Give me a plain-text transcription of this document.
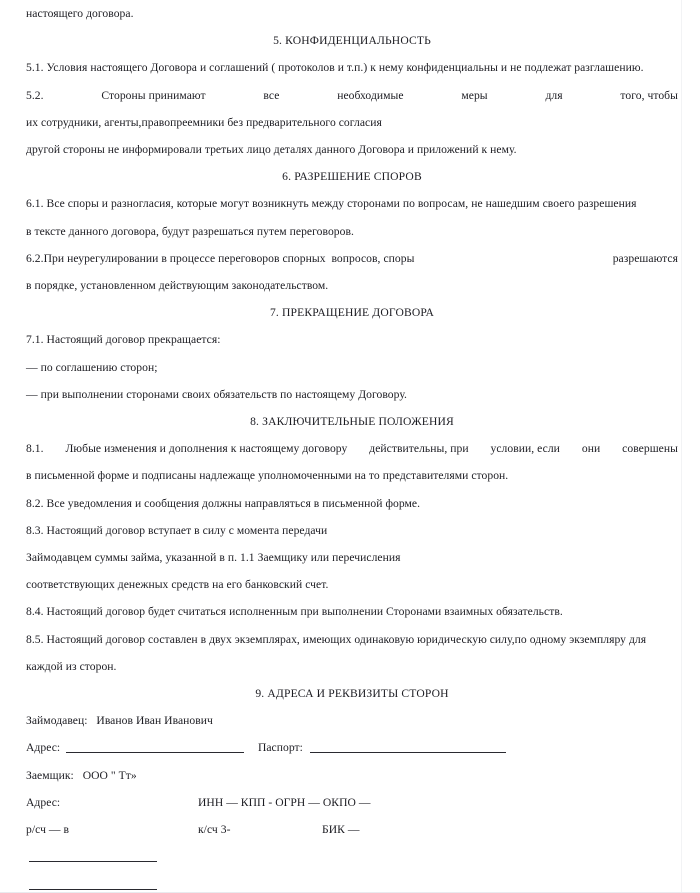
настоящего договора.
5. КОНФИДЕНЦИАЛЬНОСТЬ
5.1. Условия настоящего Договора и соглашений ( протоколов и т.п.) к нему конфиденциальны и не подлежат разглашению.
5.2.	Стороны принимают	все	необходимые	меры	для	того, чтобы
их сотрудники, агенты,правопреемники без предварительного согласия
другой стороны не информировали третьих лицо деталях данного Договора и приложений к нему.
6. РАЗРЕШЕНИЕ СПОРОВ
6.1. Все споры и разногласия, которые могут возникнуть между сторонами по вопросам, не нашедшим своего разрешения
в тексте данного договора, будут разрешаться путем переговоров.
6.2.При неурегулировании в процессе переговоров спорных  вопросов, споры	разрешаются
в порядке, установленном действующим законодательством.
7. ПРЕКРАЩЕНИЕ ДОГОВОРА
7.1. Настоящий договор прекращается:
— по соглашению сторон;
— при выполнении сторонами своих обязательств по настоящему Договору.
8. ЗАКЛЮЧИТЕЛЬНЫЕ ПОЛОЖЕНИЯ
8.1. Любые изменения и дополнения к настоящему договору действительны, при условии, если они совершены
в письменной форме и подписаны надлежаще уполномоченными на то представителями сторон.
8.2. Все уведомления и сообщения должны направляться в письменной форме.
8.3. Настоящий договор вступает в силу с момента передачи
Займодавцем суммы займа, указанной в п. 1.1 Заемщику или перечисления
соответствующих денежных средств на его банковский счет.
8.4. Настоящий договор будет считаться исполненным при выполнении Сторонами взаимных обязательств.
8.5. Настоящий договор составлен в двух экземплярах, имеющих одинаковую юридическую силу,по одному экземпляру для
каждой из сторон.
9. АДРЕСА И РЕКВИЗИТЫ СТОРОН
Займодавец: Иванов Иван Иванович
Адрес:	Паспорт:
Заемщик: ООО " Тт»
Адрес:	ИНН — КПП - ОГРН — ОКПО —
р/сч — в	к/сч 3-	БИК —
